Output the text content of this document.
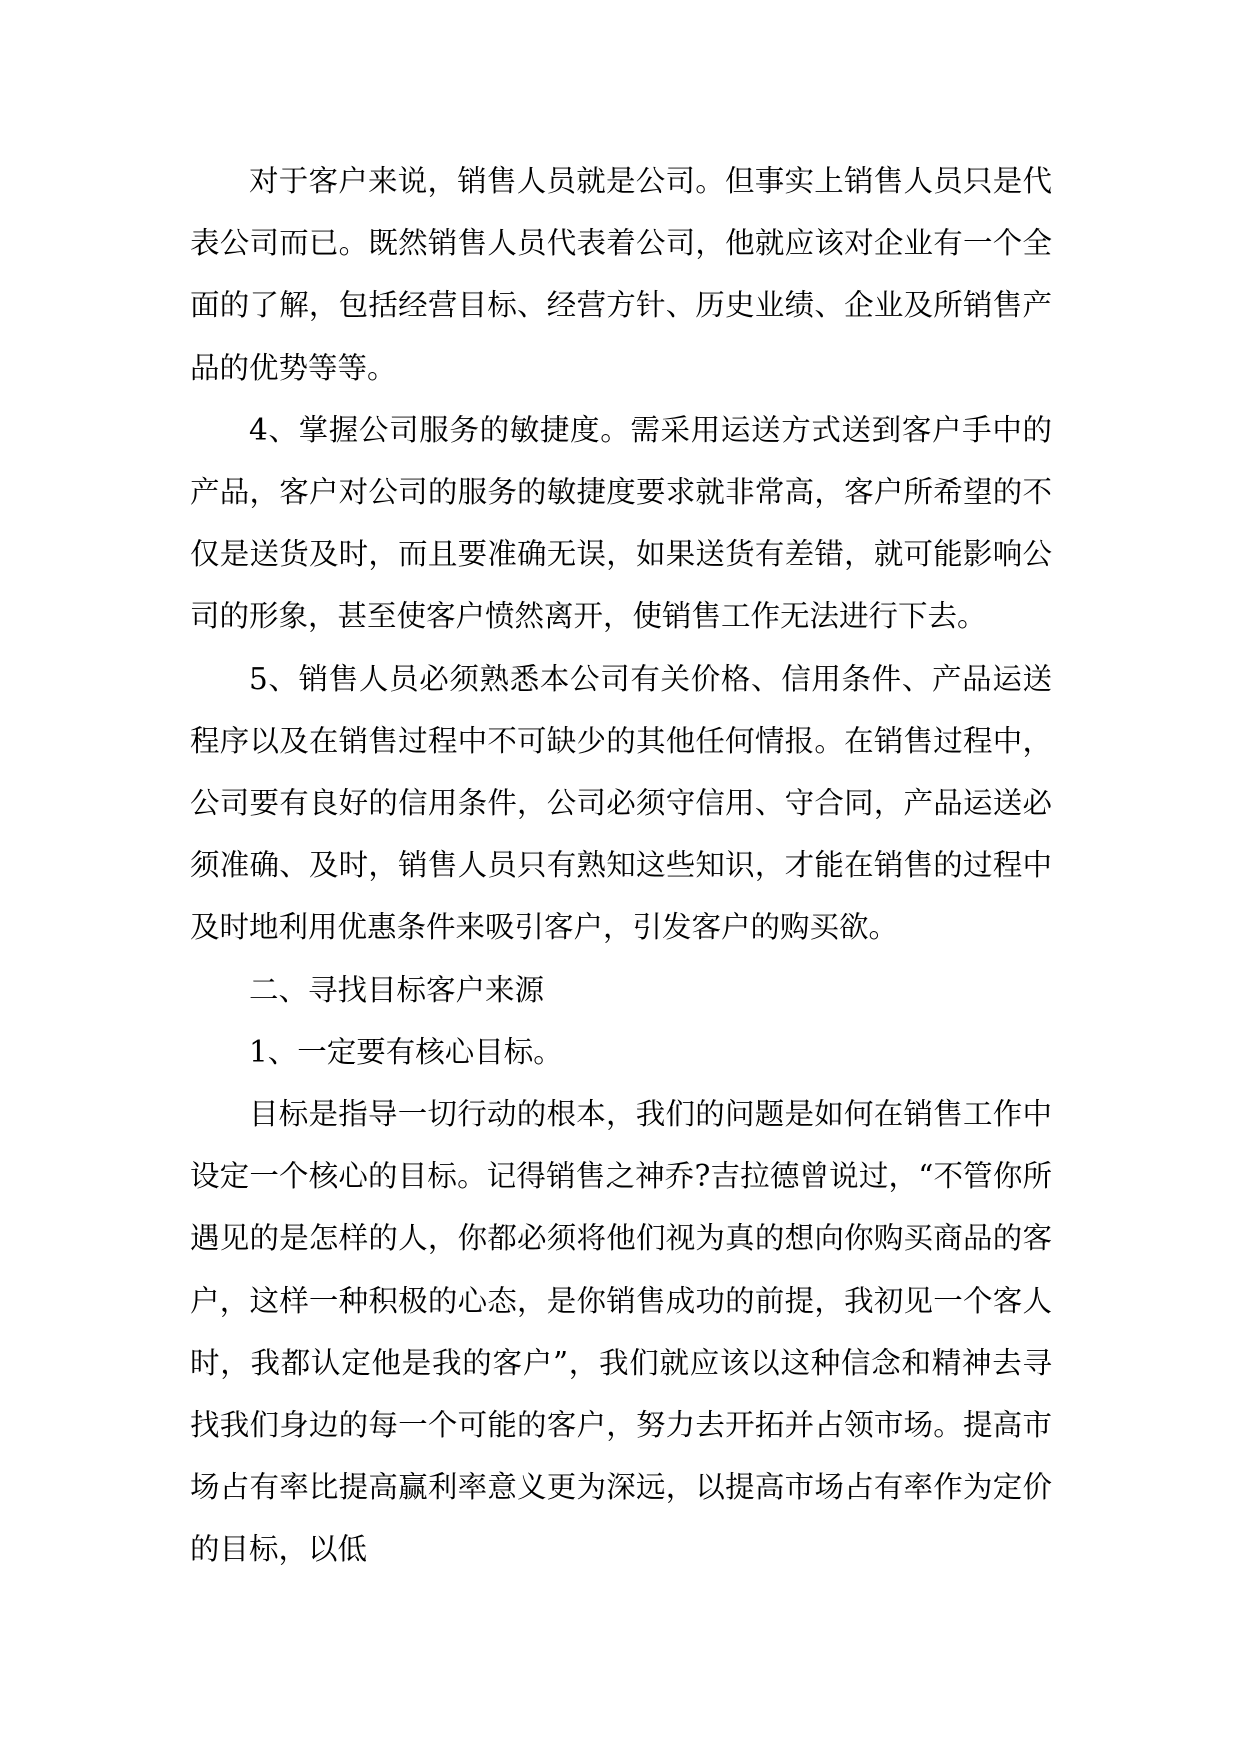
对于客户来说，销售人员就是公司。但事实上销售人员只是代表公司而已。既然销售人员代表着公司，他就应该对企业有一个全面的了解，包括经营目标、经营方针、历史业绩、企业及所销售产品的优势等等。

4、掌握公司服务的敏捷度。需采用运送方式送到客户手中的产品，客户对公司的服务的敏捷度要求就非常高，客户所希望的不仅是送货及时，而且要准确无误，如果送货有差错，就可能影响公司的形象，甚至使客户愤然离开，使销售工作无法进行下去。

5、销售人员必须熟悉本公司有关价格、信用条件、产品运送程序以及在销售过程中不可缺少的其他任何情报。在销售过程中，公司要有良好的信用条件，公司必须守信用、守合同，产品运送必须准确、及时，销售人员只有熟知这些知识，才能在销售的过程中及时地利用优惠条件来吸引客户，引发客户的购买欲。

二、寻找目标客户来源

1、一定要有核心目标。

目标是指导一切行动的根本，我们的问题是如何在销售工作中设定一个核心的目标。记得销售之神乔?吉拉德曾说过，“不管你所遇见的是怎样的人，你都必须将他们视为真的想向你购买商品的客户，这样一种积极的心态，是你销售成功的前提，我初见一个客人时，我都认定他是我的客户”，我们就应该以这种信念和精神去寻找我们身边的每一个可能的客户，努力去开拓并占领市场。提高市场占有率比提高赢利率意义更为深远，以提高市场占有率作为定价的目标，以低
